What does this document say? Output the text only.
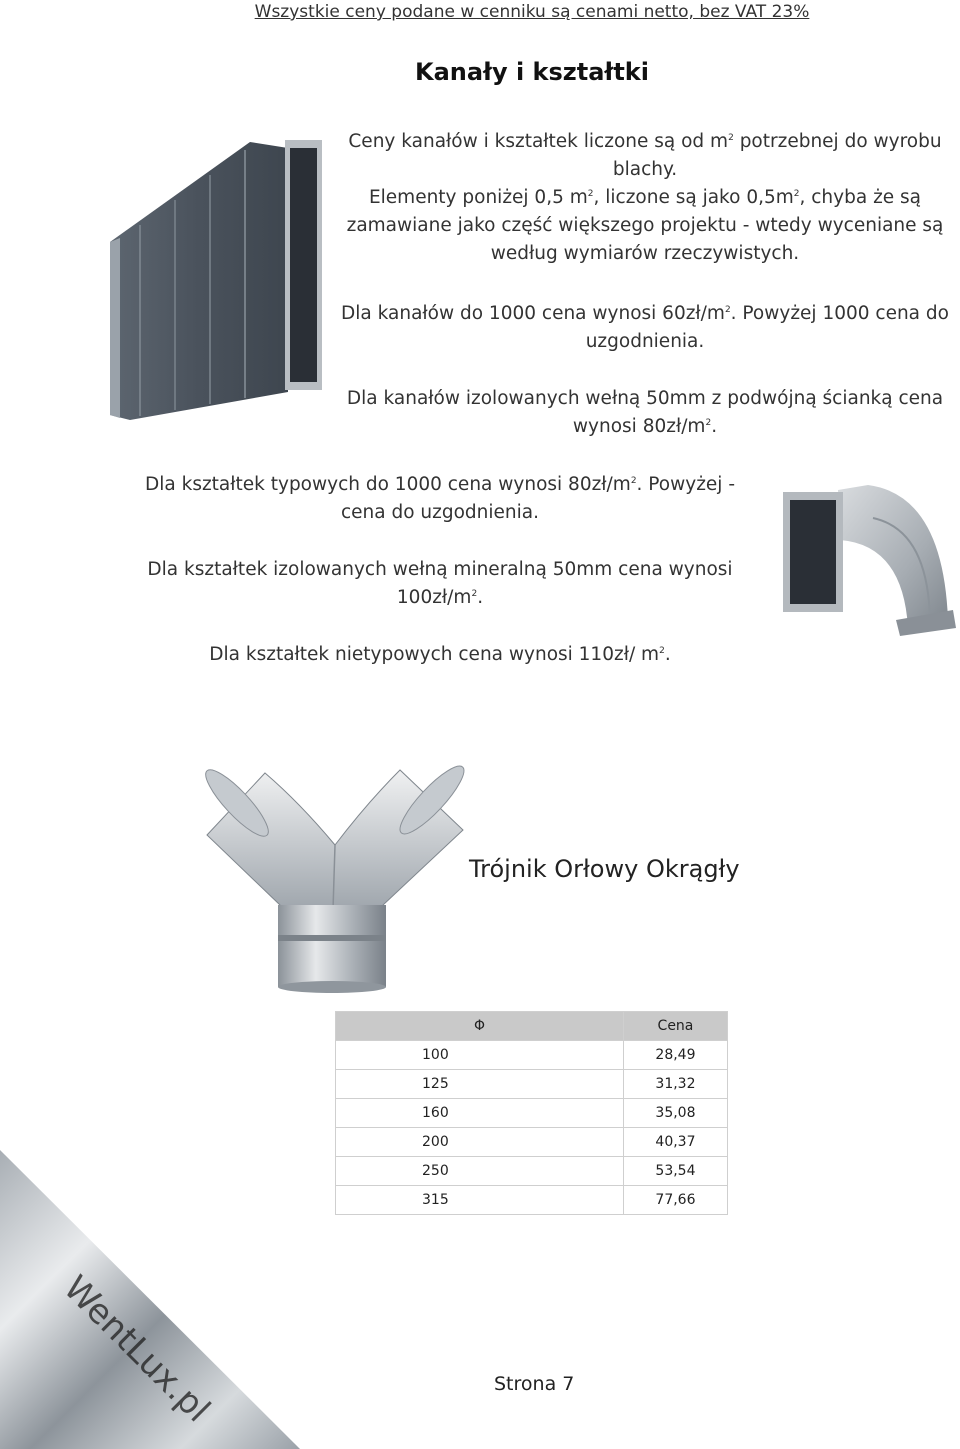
Wszystkie ceny podane w cenniku są cenami netto, bez VAT 23%
Kanały i kształtki
Ceny kanałów i kształtek liczone są od $m^2$ potrzebnej do wyrobu blachy.
Elementy poniżej 0,5 $m^2$, liczone są jako $0,5m^2$, chyba że są zamawiane jako część większego projektu - wtedy wyceniane są według wymiarów rzeczywistych.
Dla kanałów do 1000 cena wynosi $60zł/m^2$. Powyżej 1000 cena do uzgodnienia.
Dla kanałów izolowanych wełną 50mm z podwójną ścianką cena wynosi $80zł/m^2$.
Dla kształtek typowych do 1000 cena wynosi $80zł/m^2$. Powyżej - cena do uzgodnienia.
Dla kształtek izolowanych wełną mineralną 50mm cena wynosi $100zł/m^2$.
Dla kształtek nietypowych cena wynosi 110zł/ $m^2$.
Trójnik Orłowy Okrągły
Φ	Cena
100	28,49
125	31,32
160	35,08
200	40,37
250	53,54
315	77,66
WentLux.pl	Strona 7
